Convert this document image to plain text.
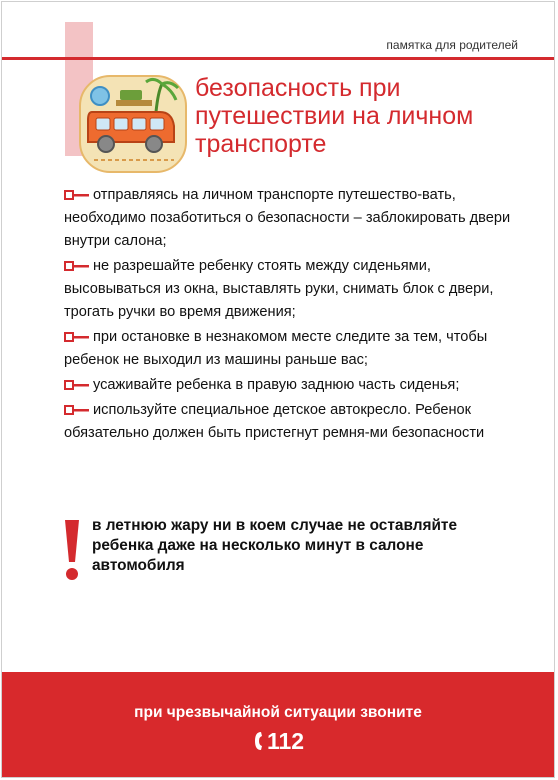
памятка для родителей
безопасность при
путешествии на личном
транспорте
отправляясь на личном транспорте путешество-вать, необходимо позаботиться о безопасности – заблокировать двери внутри салона;
не разрешайте ребенку стоять между сиденьями, высовываться из окна, выставлять руки, снимать блок с двери, трогать ручки во время движения;
при остановке в незнакомом месте следите за тем, чтобы ребенок не выходил из машины раньше вас;
усаживайте ребенка в правую заднюю часть сиденья;
используйте специальное детское автокресло. Ребенок обязательно должен быть пристегнут ремня-ми безопасности
в летнюю жару ни в коем случае не оставляйте ребенка даже на несколько минут в салоне автомобиля
при чрезвычайной ситуации звоните
112
